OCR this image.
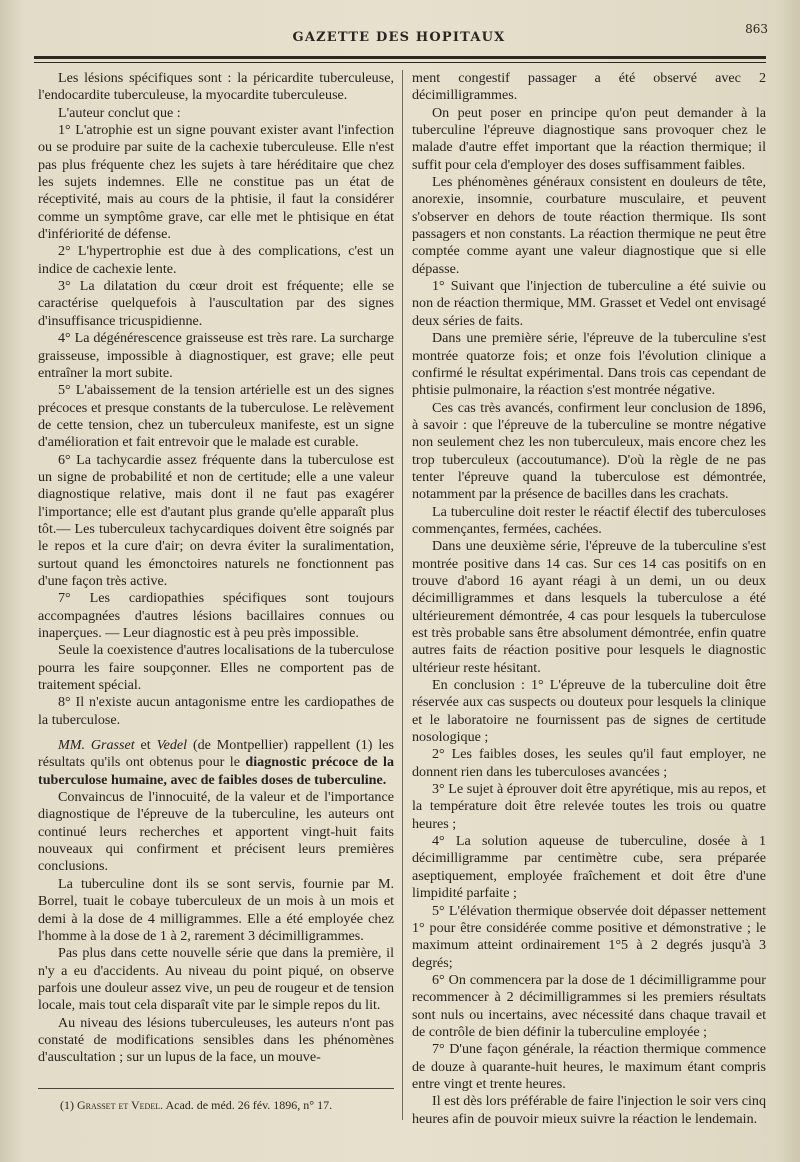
GAZETTE DES HOPITAUX
863

Les lésions spécifiques sont : la péricardite tuberculeuse, l'endocardite tuberculeuse, la myocardite tuberculeuse.

L'auteur conclut que :

1° L'atrophie est un signe pouvant exister avant l'infection ou se produire par suite de la cachexie tuberculeuse. Elle n'est pas plus fréquente chez les sujets à tare héréditaire que chez les sujets indemnes. Elle ne constitue pas un état de réceptivité, mais au cours de la phtisie, il faut la considérer comme un symptôme grave, car elle met le phtisique en état d'infériorité de défense.

2° L'hypertrophie est due à des complications, c'est un indice de cachexie lente.

3° La dilatation du cœur droit est fréquente; elle se caractérise quelquefois à l'auscultation par des signes d'insuffisance tricuspidienne.

4° La dégénérescence graisseuse est très rare. La surcharge graisseuse, impossible à diagnostiquer, est grave; elle peut entraîner la mort subite.

5° L'abaissement de la tension artérielle est un des signes précoces et presque constants de la tuberculose. Le relèvement de cette tension, chez un tuberculeux manifeste, est un signe d'amélioration et fait entrevoir que le malade est curable.

6° La tachycardie assez fréquente dans la tuberculose est un signe de probabilité et non de certitude; elle a une valeur diagnostique relative, mais dont il ne faut pas exagérer l'importance; elle est d'autant plus grande qu'elle apparaît plus tôt.— Les tuberculeux tachycardiques doivent être soignés par le repos et la cure d'air; on devra éviter la suralimentation, surtout quand les émonctoires naturels ne fonctionnent pas d'une façon très active.

7° Les cardiopathies spécifiques sont toujours accompagnées d'autres lésions bacillaires connues ou inaperçues. — Leur diagnostic est à peu près impossible.

Seule la coexistence d'autres localisations de la tuberculose pourra les faire soupçonner. Elles ne comportent pas de traitement spécial.

8° Il n'existe aucun antagonisme entre les cardiopathes de la tuberculose.

MM. Grasset et Vedel (de Montpellier) rappellent (1) les résultats qu'ils ont obtenus pour le diagnostic précoce de la tuberculose humaine, avec de faibles doses de tuberculine.

Convaincus de l'innocuité, de la valeur et de l'importance diagnostique de l'épreuve de la tuberculine, les auteurs ont continué leurs recherches et apportent vingt-huit faits nouveaux qui confirment et précisent leurs premières conclusions.

La tuberculine dont ils se sont servis, fournie par M. Borrel, tuait le cobaye tuberculeux de un mois à un mois et demi à la dose de 4 milligrammes. Elle a été employée chez l'homme à la dose de 1 à 2, rarement 3 décimilligrammes.

Pas plus dans cette nouvelle série que dans la première, il n'y a eu d'accidents. Au niveau du point piqué, on observe parfois une douleur assez vive, un peu de rougeur et de tension locale, mais tout cela disparaît vite par le simple repos du lit.

Au niveau des lésions tuberculeuses, les auteurs n'ont pas constaté de modifications sensibles dans les phénomènes d'auscultation ; sur un lupus de la face, un mouve-

ment congestif passager a été observé avec 2 décimilligrammes.

On peut poser en principe qu'on peut demander à la tuberculine l'épreuve diagnostique sans provoquer chez le malade d'autre effet important que la réaction thermique; il suffit pour cela d'employer des doses suffisamment faibles.

Les phénomènes généraux consistent en douleurs de tête, anorexie, insomnie, courbature musculaire, et peuvent s'observer en dehors de toute réaction thermique. Ils sont passagers et non constants. La réaction thermique ne peut être comptée comme ayant une valeur diagnostique que si elle dépasse.

1° Suivant que l'injection de tuberculine a été suivie ou non de réaction thermique, MM. Grasset et Vedel ont envisagé deux séries de faits.

Dans une première série, l'épreuve de la tuberculine s'est montrée quatorze fois; et onze fois l'évolution clinique a confirmé le résultat expérimental. Dans trois cas cependant de phtisie pulmonaire, la réaction s'est montrée négative.

Ces cas très avancés, confirment leur conclusion de 1896, à savoir : que l'épreuve de la tuberculine se montre négative non seulement chez les non tuberculeux, mais encore chez les trop tuberculeux (accoutumance). D'où la règle de ne pas tenter l'épreuve quand la tuberculose est démontrée, notamment par la présence de bacilles dans les crachats.

La tuberculine doit rester le réactif électif des tuberculoses commençantes, fermées, cachées.

Dans une deuxième série, l'épreuve de la tuberculine s'est montrée positive dans 14 cas. Sur ces 14 cas positifs on en trouve d'abord 16 ayant réagi à un demi, un ou deux décimilligrammes et dans lesquels la tuberculose a été ultérieurement démontrée, 4 cas pour lesquels la tuberculose est très probable sans être absolument démontrée, enfin quatre autres faits de réaction positive pour lesquels le diagnostic ultérieur reste hésitant.

En conclusion : 1° L'épreuve de la tuberculine doit être réservée aux cas suspects ou douteux pour lesquels la clinique et le laboratoire ne fournissent pas de signes de certitude nosologique ;

2° Les faibles doses, les seules qu'il faut employer, ne donnent rien dans les tuberculoses avancées ;

3° Le sujet à éprouver doit être apyrétique, mis au repos, et la température doit être relevée toutes les trois ou quatre heures ;

4° La solution aqueuse de tuberculine, dosée à 1 décimilligramme par centimètre cube, sera préparée aseptiquement, employée fraîchement et doit être d'une limpidité parfaite ;

5° L'élévation thermique observée doit dépasser nettement 1° pour être considérée comme positive et démonstrative ; le maximum atteint ordinairement 1°5 à 2 degrés jusqu'à 3 degrés;

6° On commencera par la dose de 1 décimilligramme pour recommencer à 2 décimilligrammes si les premiers résultats sont nuls ou incertains, avec nécessité dans chaque travail et de contrôle de bien définir la tuberculine employée ;

7° D'une façon générale, la réaction thermique commence de douze à quarante-huit heures, le maximum étant compris entre vingt et trente heures.

Il est dès lors préférable de faire l'injection le soir vers cinq heures afin de pouvoir mieux suivre la réaction le lendemain.

(1) Grasset et Vedel. Acad. de méd. 26 fév. 1896, n° 17.
